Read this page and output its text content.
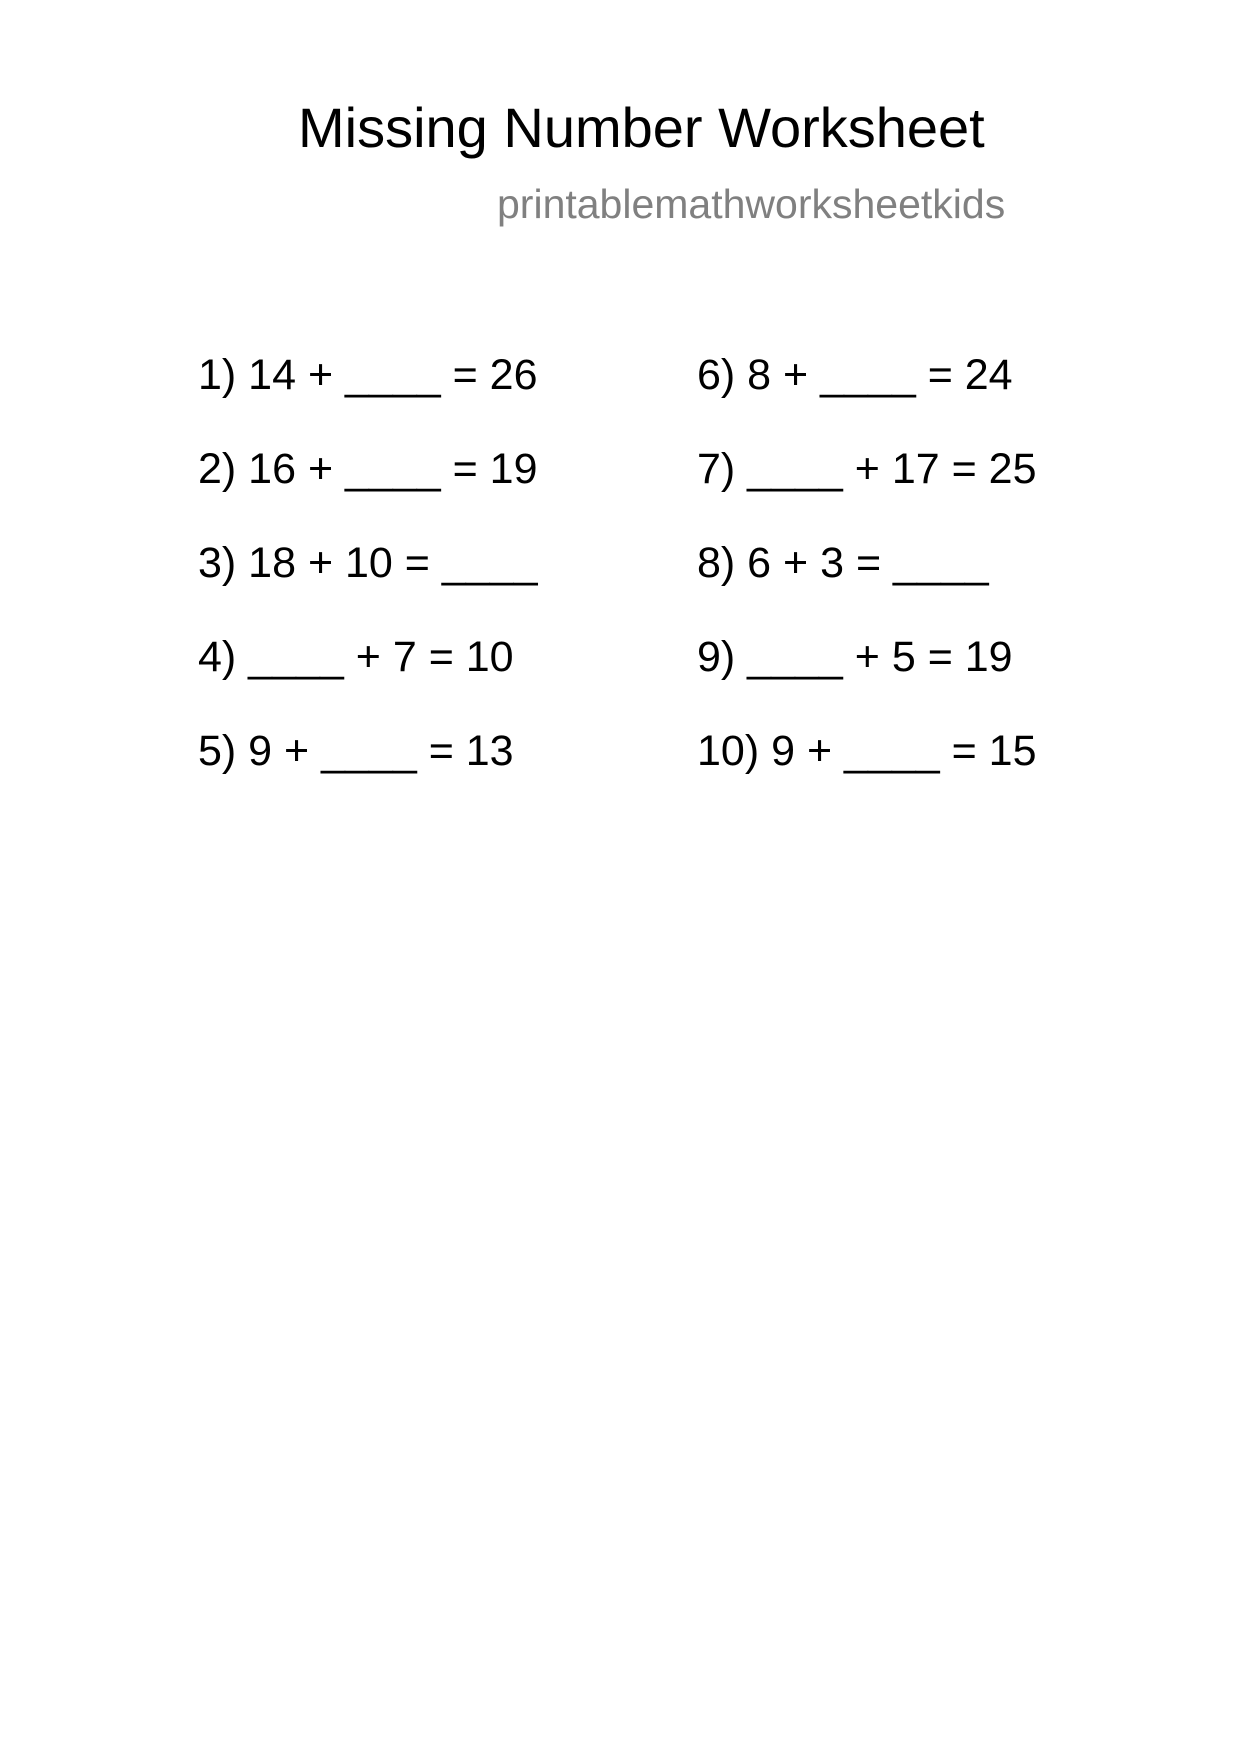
Missing Number Worksheet
printablemathworksheetkids
1) 14 + ____ = 26
2) 16 + ____ = 19
3) 18 + 10 = ____
4) ____ + 7 = 10
5) 9 + ____ = 13
6) 8 + ____ = 24
7) ____ + 17 = 25
8) 6 + 3 = ____
9) ____ + 5 = 19
10) 9 + ____ = 15
